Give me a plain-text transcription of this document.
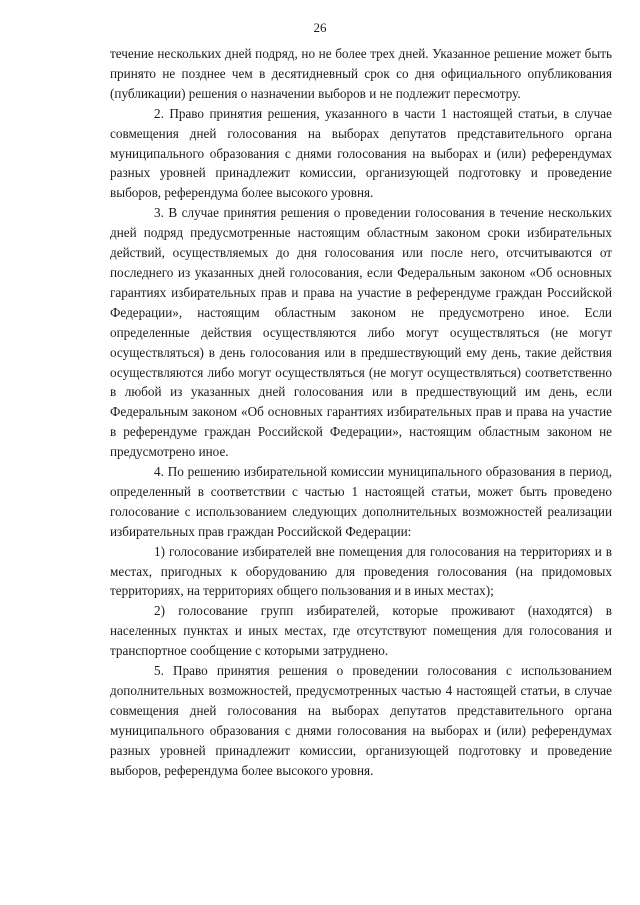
26

течение нескольких дней подряд, но не более трех дней. Указанное решение может быть принято не позднее чем в десятидневный срок со дня официального опубликования (публикации) решения о назначении выборов и не подлежит пересмотру.

2. Право принятия решения, указанного в части 1 настоящей статьи, в случае совмещения дней голосования на выборах депутатов представительного органа муниципального образования с днями голосования на выборах и (или) референдумах разных уровней принадлежит комиссии, организующей подготовку и проведение выборов, референдума более высокого уровня.

3. В случае принятия решения о проведении голосования в течение нескольких дней подряд предусмотренные настоящим областным законом сроки избирательных действий, осуществляемых до дня голосования или после него, отсчитываются от последнего из указанных дней голосования, если Федеральным законом «Об основных гарантиях избирательных прав и права на участие в референдуме граждан Российской Федерации», настоящим областным законом не предусмотрено иное. Если определенные действия осуществляются либо могут осуществляться (не могут осуществляться) в день голосования или в предшествующий ему день, такие действия осуществляются либо могут осуществляться (не могут осуществляться) соответственно в любой из указанных дней голосования или в предшествующий им день, если Федеральным законом «Об основных гарантиях избирательных прав и права на участие в референдуме граждан Российской Федерации», настоящим областным законом не предусмотрено иное.

4. По решению избирательной комиссии муниципального образования в период, определенный в соответствии с частью 1 настоящей статьи, может быть проведено голосование с использованием следующих дополнительных возможностей реализации избирательных прав граждан Российской Федерации:

1) голосование избирателей вне помещения для голосования на территориях и в местах, пригодных к оборудованию для проведения голосования (на придомовых территориях, на территориях общего пользования и в иных местах);

2) голосование групп избирателей, которые проживают (находятся) в населенных пунктах и иных местах, где отсутствуют помещения для голосования и транспортное сообщение с которыми затруднено.

5. Право принятия решения о проведении голосования с использованием дополнительных возможностей, предусмотренных частью 4 настоящей статьи, в случае совмещения дней голосования на выборах депутатов представительного органа муниципального образования с днями голосования на выборах и (или) референдумах разных уровней принадлежит комиссии, организующей подготовку и проведение выборов, референдума более высокого уровня.
